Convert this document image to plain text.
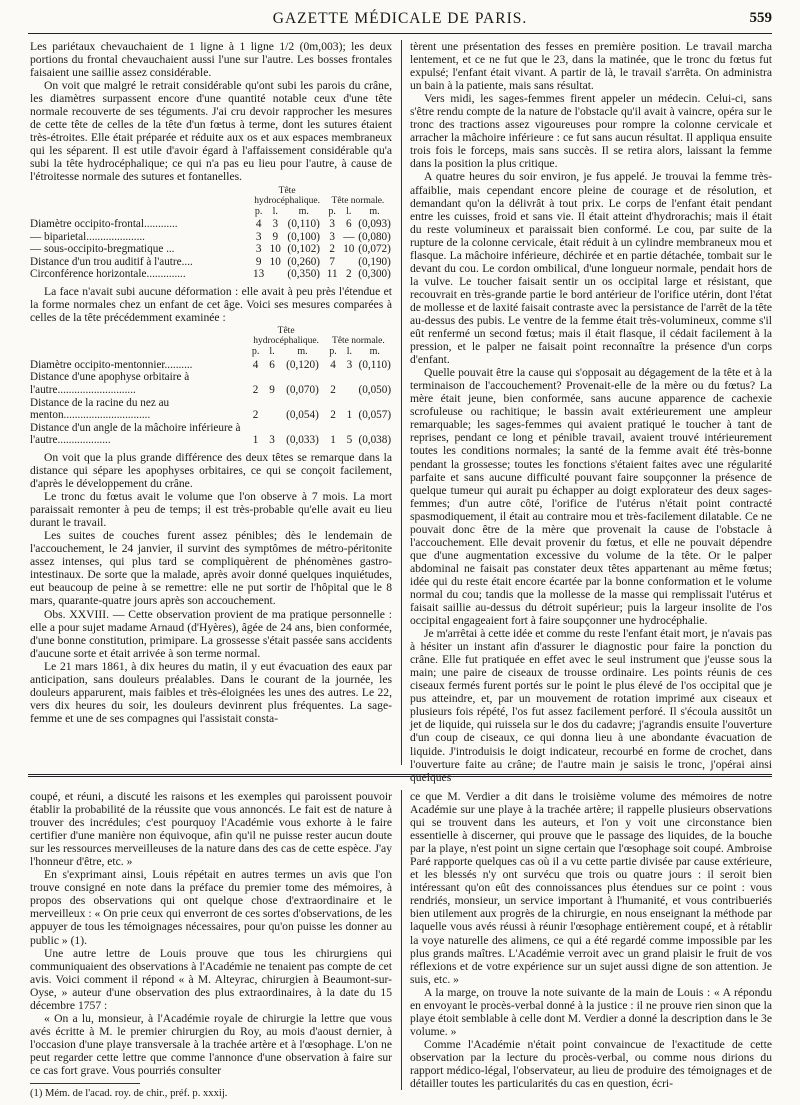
GAZETTE MÉDICALE DE PARIS.	559

Les pariétaux chevauchaient de 1 ligne à 1 ligne 1/2 (0m,003); les deux portions du frontal chevauchaient aussi l'une sur l'autre. Les bosses frontales faisaient une saillie assez considérable.

On voit que malgré le retrait considérable qu'ont subi les parois du crâne, les diamètres surpassent encore d'une quantité notable ceux d'une tête normale recouverte de ses téguments. J'ai cru devoir rapprocher les mesures de cette tête de celles de la tête d'un fœtus à terme, dont les sutures étaient très-étroites. Elle était préparée et réduite aux os et aux espaces membraneux qui les séparent. Il est utile d'avoir égard à l'affaissement considérable qu'a subi la tête hydrocéphalique; ce qui n'a pas eu lieu pour l'autre, à cause de l'étroitesse normale des sutures et fontanelles.

	Tête hydrocéphalique.			Tête normale.		
	p.	l.	m.	p.	l.	m.
Diamètre occipito-frontal............	4	3	(0,110)	3	6	(0,093)
— biparietal.....................	3	9	(0,100)	3	—	(0,080)
— sous-occipito-bregmatique ...	3	10	(0,102)	2	10	(0,072)
Distance d'un trou auditif à l'autre....	9	10	(0,260)	7		(0,190)
Circonférence horizontale..............	13		(0,350)	11	2	(0,300)

La face n'avait subi aucune déformation : elle avait à peu près l'étendue et la forme normales chez un enfant de cet âge. Voici ses mesures comparées à celles de la tête précédemment examinée :

	Tête hydrocéphalique.			Tête normale.		
	p.	l.	m.	p.	l.	m.
Diamètre occipito-mentonnier..........	4	6	(0,120)	4	3	(0,110)
Distance d'une apophyse orbitaire à l'autre............................	2	9	(0,070)	2		(0,050)
Distance de la racine du nez au menton...............................	2		(0,054)	2	1	(0,057)
Distance d'un angle de la mâchoire inférieure à l'autre...................	1	3	(0,033)	1	5	(0,038)

On voit que la plus grande différence des deux têtes se remarque dans la distance qui sépare les apophyses orbitaires, ce qui se conçoit facilement, d'après le développement du crâne.

Le tronc du fœtus avait le volume que l'on observe à 7 mois. La mort paraissait remonter à peu de temps; il est très-probable qu'elle avait eu lieu durant le travail.

Les suites de couches furent assez pénibles; dès le lendemain de l'accouchement, le 24 janvier, il survint des symptômes de métro-péritonite assez intenses, qui plus tard se compliquèrent de phénomènes gastro-intestinaux. De sorte que la malade, après avoir donné quelques inquiétudes, eut beaucoup de peine à se remettre: elle ne put sortir de l'hôpital que le 8 mars, quarante-quatre jours après son accouchement.

Obs. XXVIII. — Cette observation provient de ma pratique personnelle : elle a pour sujet madame Arnaud (d'Hyères), âgée de 24 ans, bien conformée, d'une bonne constitution, primipare. La grossesse s'était passée sans accidents d'aucune sorte et était arrivée à son terme normal.

Le 21 mars 1861, à dix heures du matin, il y eut évacuation des eaux par anticipation, sans douleurs préalables. Dans le courant de la journée, les douleurs apparurent, mais faibles et très-éloignées les unes des autres. Le 22, vers dix heures du soir, les douleurs devinrent plus fréquentes. La sage-femme et une de ses compagnes qui l'assistait consta-

tèrent une présentation des fesses en première position. Le travail marcha lentement, et ce ne fut que le 23, dans la matinée, que le tronc du fœtus fut expulsé; l'enfant était vivant. A partir de là, le travail s'arrêta. On administra un bain à la patiente, mais sans résultat.

Vers midi, les sages-femmes firent appeler un médecin. Celui-ci, sans s'être rendu compte de la nature de l'obstacle qu'il avait à vaincre, opéra sur le tronc des tractions assez vigoureuses pour rompre la colonne cervicale et arracher la mâchoire inférieure : ce fut sans aucun résultat. Il appliqua ensuite trois fois le forceps, mais sans succès. Il se retira alors, laissant la femme dans la position la plus critique.

A quatre heures du soir environ, je fus appelé. Je trouvai la femme très-affaiblie, mais cependant encore pleine de courage et de résolution, et demandant qu'on la délivrât à tout prix. Le corps de l'enfant était pendant entre les cuisses, froid et sans vie. Il était atteint d'hydrorachis; mais il était du reste volumineux et paraissait bien conformé. Le cou, par suite de la rupture de la colonne cervicale, était réduit à un cylindre membraneux mou et flasque. La mâchoire inférieure, déchirée et en partie détachée, tombait sur le devant du cou. Le cordon ombilical, d'une longueur normale, pendait hors de la vulve. Le toucher faisait sentir un os occipital large et résistant, que recouvrait en très-grande partie le bord antérieur de l'orifice utérin, dont l'état de mollesse et de laxité faisait contraste avec la persistance de l'arrêt de la tête au-dessus des pubis. Le ventre de la femme était très-volumineux, comme s'il eût renfermé un second fœtus; mais il était flasque, il cédait facilement à la pression, et le palper ne faisait point reconnaître la présence d'un corps d'enfant.

Quelle pouvait être la cause qui s'opposait au dégagement de la tête et à la terminaison de l'accouchement? Provenait-elle de la mère ou du fœtus? La mère était jeune, bien conformée, sans aucune apparence de cachexie scrofuleuse ou rachitique; le bassin avait extérieurement une ampleur remarquable; les sages-femmes qui avaient pratiqué le toucher à tant de reprises, pendant ce long et pénible travail, avaient trouvé intérieurement toutes les conditions normales; la santé de la femme avait été très-bonne pendant la grossesse; toutes les fonctions s'étaient faites avec une régularité parfaite et sans aucune difficulté pouvant faire soupçonner la présence de quelque tumeur qui aurait pu échapper au doigt explorateur des deux sages-femmes; d'un autre côté, l'orifice de l'utérus n'était point contracté spasmodiquement, il était au contraire mou et très-facilement dilatable. Ce ne pouvait donc être de la mère que provenait la cause de l'obstacle à l'accouchement. Elle devait provenir du fœtus, et elle ne pouvait dépendre que d'une augmentation excessive du volume de la tête. Or le palper abdominal ne faisait pas constater deux têtes appartenant au même fœtus; idée qui du reste était encore écartée par la bonne conformation et le volume normal du cou; tandis que la mollesse de la masse qui remplissait l'utérus et faisait saillie au-dessus du détroit supérieur; puis la largeur insolite de l'os occipital engageaient fort à faire soupçonner une hydrocéphalie.

Je m'arrêtai à cette idée et comme du reste l'enfant était mort, je n'avais pas à hésiter un instant afin d'assurer le diagnostic pour faire la ponction du crâne. Elle fut pratiquée en effet avec le seul instrument que j'eusse sous la main; une paire de ciseaux de trousse ordinaire. Les points réunis de ces ciseaux fermés furent portés sur le point le plus élevé de l'os occipital que je pus atteindre, et, par un mouvement de rotation imprimé aux ciseaux et plusieurs fois répété, l'os fut assez facilement perforé. Il s'écoula aussitôt un jet de liquide, qui ruissela sur le dos du cadavre; j'agrandis ensuite l'ouverture d'un coup de ciseaux, ce qui donna lieu à une abondante évacuation de liquide. J'introduisis le doigt indicateur, recourbé en forme de crochet, dans l'ouverture faite au crâne; de l'autre main je saisis le tronc, j'opérai ainsi quelques

coupé, et réuni, a discuté les raisons et les exemples qui paroissent pouvoir établir la probabilité de la réussite que vous annoncés. Le fait est de nature à trouver des incrédules; c'est pourquoy l'Académie vous exhorte à le faire certifier d'une manière non équivoque, afin qu'il ne puisse rester aucun doute sur les ressources merveilleuses de la nature dans des cas de cette espèce. J'ay l'honneur d'être, etc. »

En s'exprimant ainsi, Louis répétait en autres termes un avis que l'on trouve consigné en note dans la préface du premier tome des mémoires, à propos des observations qui ont quelque chose d'extraordinaire et le merveilleux : « On prie ceux qui enverront de ces sortes d'observations, de les appuyer de tous les témoignages nécessaires, pour qu'on puisse les donner au public » (1).

Une autre lettre de Louis prouve que tous les chirurgiens qui communiquaient des observations à l'Académie ne tenaient pas compte de cet avis. Voici comment il répond « à M. Alteyrac, chirurgien à Beaumont-sur-Oyse, » auteur d'une observation des plus extraordinaires, à la date du 15 décembre 1757 :

« On a lu, monsieur, à l'Académie royale de chirurgie la lettre que vous avés écritte à M. le premier chirurgien du Roy, au mois d'aoust dernier, à l'occasion d'une playe transversale à la trachée artère et à l'œsophage. L'on ne peut regarder cette lettre que comme l'annonce d'une observation à faire sur ce cas fort grave. Vous pourriés consulter

(1) Mém. de l'acad. roy. de chir., préf. p. xxxij.

ce que M. Verdier a dit dans le troisième volume des mémoires de notre Académie sur une playe à la trachée artère; il rappelle plusieurs observations qui se trouvent dans les auteurs, et l'on y voit une circonstance bien essentielle à discerner, qui prouve que le passage des liquides, de la bouche par la playe, n'est point un signe certain que l'œsophage soit coupé. Ambroise Paré rapporte quelques cas où il a vu cette partie divisée par cause extérieure, et les blessés n'y ont survécu que trois ou quatre jours : il seroit bien intéressant qu'on eût des connoissances plus étendues sur ce point : vous rendriés, monsieur, un service important à l'humanité, et vous contribueriés bien utilement aux progrès de la chirurgie, en nous enseignant la méthode par laquelle vous avés réussi à réunir l'œsophage entièrement coupé, et à rétablir la voye naturelle des alimens, ce qui a été regardé comme impossible par les plus grands maîtres. L'Académie verroit avec un grand plaisir le fruit de vos réflexions et de votre expérience sur un sujet aussi digne de son attention. Je suis, etc. »

A la marge, on trouve la note suivante de la main de Louis : « A répondu en envoyant le procès-verbal donné à la justice : il ne prouve rien sinon que la playe étoit semblable à celle dont M. Verdier a donné la description dans le 3e volume. »

Comme l'Académie n'était point convaincue de l'exactitude de cette observation par la lecture du procès-verbal, ou comme nous dirions du rapport médico-légal, l'observateur, au lieu de produire des témoignages et de détailler toutes les particularités du cas en question, écri-
